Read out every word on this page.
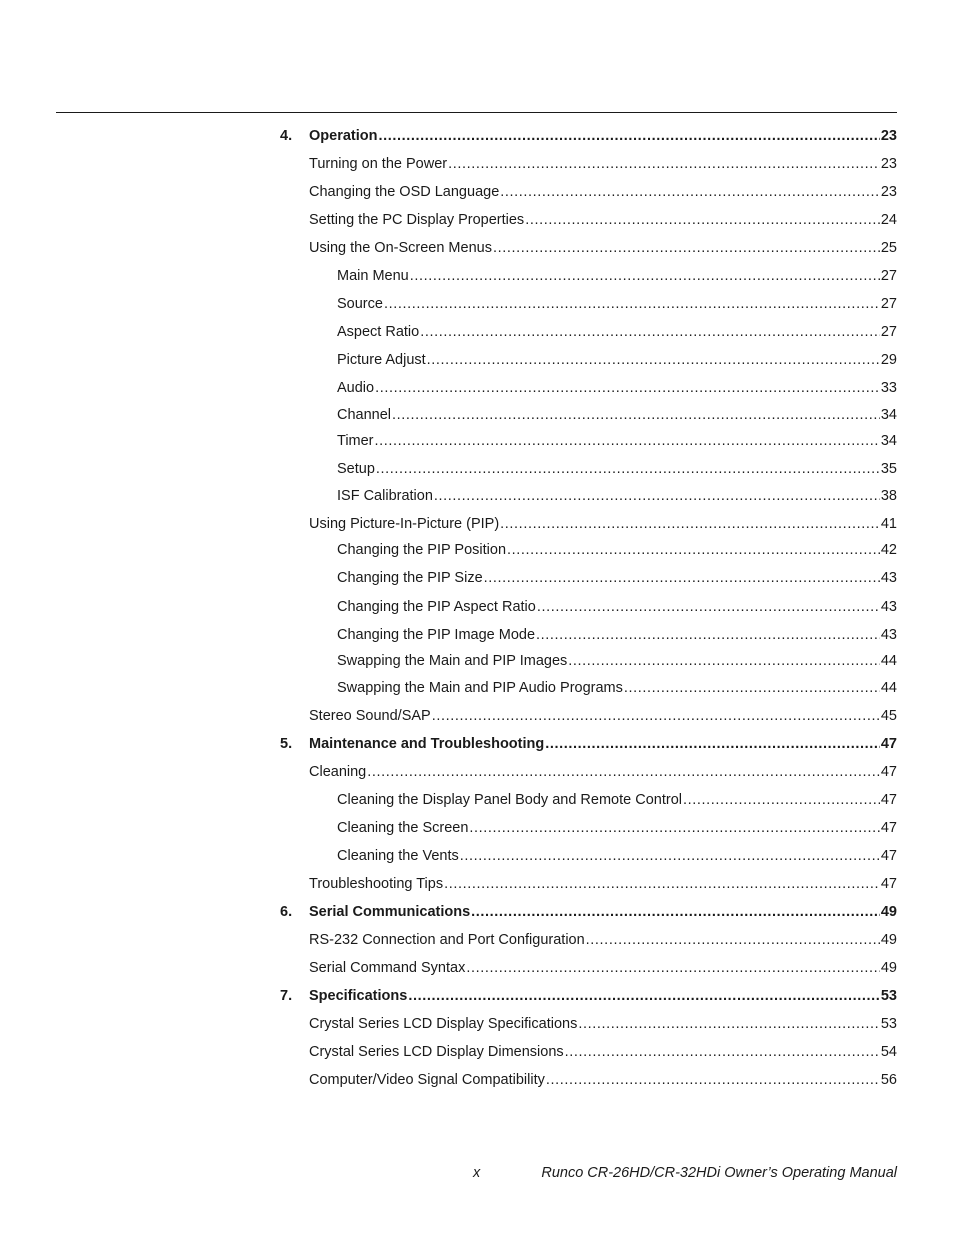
4. Operation .....	23
Turning on the Power .....	23
Changing the OSD Language .....	23
Setting the PC Display Properties .....	24
Using the On-Screen Menus .....	25
Main Menu .....	27
Source .....	27
Aspect Ratio .....	27
Picture Adjust .....	29
Audio .....	33
Channel .....	34
Timer .....	34
Setup .....	35
ISF Calibration .....	38
Using Picture-In-Picture (PIP) .....	41
Changing the PIP Position .....	42
Changing the PIP Size .....	43
Changing the PIP Aspect Ratio .....	43
Changing the PIP Image Mode .....	43
Swapping the Main and PIP Images .....	44
Swapping the Main and PIP Audio Programs .....	44
Stereo Sound/SAP .....	45
5. Maintenance and Troubleshooting .....	47
Cleaning .....	47
Cleaning the Display Panel Body and Remote Control .....	47
Cleaning the Screen .....	47
Cleaning the Vents .....	47
Troubleshooting Tips .....	47
6. Serial Communications .....	49
RS-232 Connection and Port Configuration .....	49
Serial Command Syntax .....	49
7. Specifications .....	53
Crystal Series LCD Display Specifications .....	53
Crystal Series LCD Display Dimensions .....	54
Computer/Video Signal Compatibility .....	56
x	Runco CR-26HD/CR-32HDi Owner’s Operating Manual
